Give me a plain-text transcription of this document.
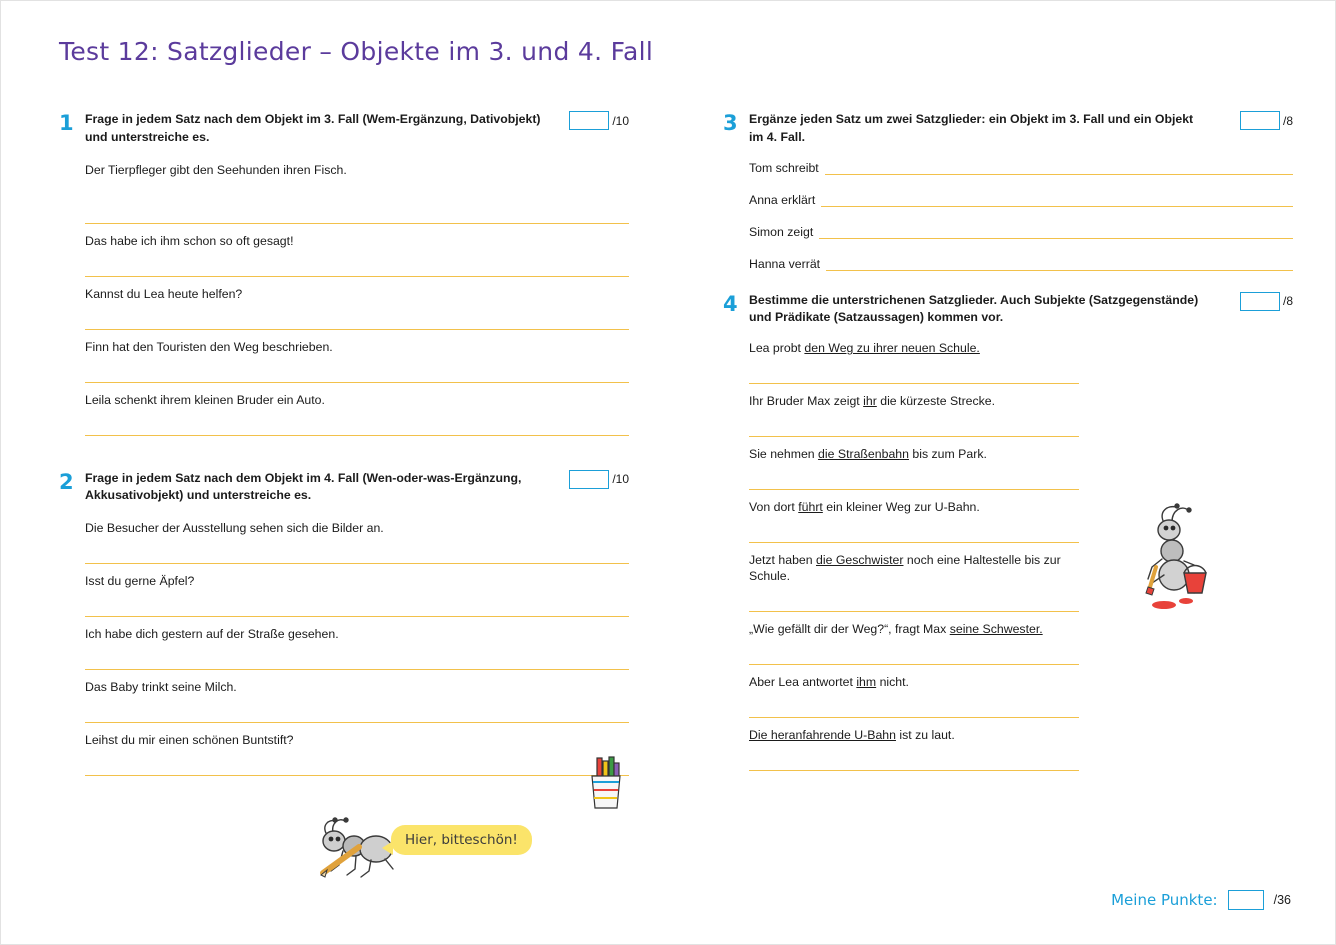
Test 12: Satzglieder – Objekte im 3. und 4. Fall
1 Frage in jedem Satz nach dem Objekt im 3. Fall (Wem-Ergänzung, Dativobjekt) und unterstreiche es.
/10
Der Tierpfleger gibt den Seehunden ihren Fisch.
Das habe ich ihm schon so oft gesagt!
Kannst du Lea heute helfen?
Finn hat den Touristen den Weg beschrieben.
Leila schenkt ihrem kleinen Bruder ein Auto.
2 Frage in jedem Satz nach dem Objekt im 4. Fall (Wen-oder-was-Ergänzung, Akkusativobjekt) und unterstreiche es.
/10
Die Besucher der Ausstellung sehen sich die Bilder an.
Isst du gerne Äpfel?
Ich habe dich gestern auf der Straße gesehen.
Das Baby trinkt seine Milch.
Leihst du mir einen schönen Buntstift?
3 Ergänze jeden Satz um zwei Satzglieder: ein Objekt im 3. Fall und ein Objekt im 4. Fall.
/8
Tom schreibt
Anna erklärt
Simon zeigt
Hanna verrät
4 Bestimme die unterstrichenen Satzglieder. Auch Subjekte (Satzgegenstände) und Prädikate (Satzaussagen) kommen vor.
/8
Lea probt den Weg zu ihrer neuen Schule.
Ihr Bruder Max zeigt ihr die kürzeste Strecke.
Sie nehmen die Straßenbahn bis zum Park.
Von dort führt ein kleiner Weg zur U-Bahn.
Jetzt haben die Geschwister noch eine Haltestelle bis zur Schule.
„Wie gefällt dir der Weg?“, fragt Max seine Schwester.
Aber Lea antwortet ihm nicht.
Die heranfahrende U-Bahn ist zu laut.
Hier, bitteschön!
Meine Punkte:	/36
